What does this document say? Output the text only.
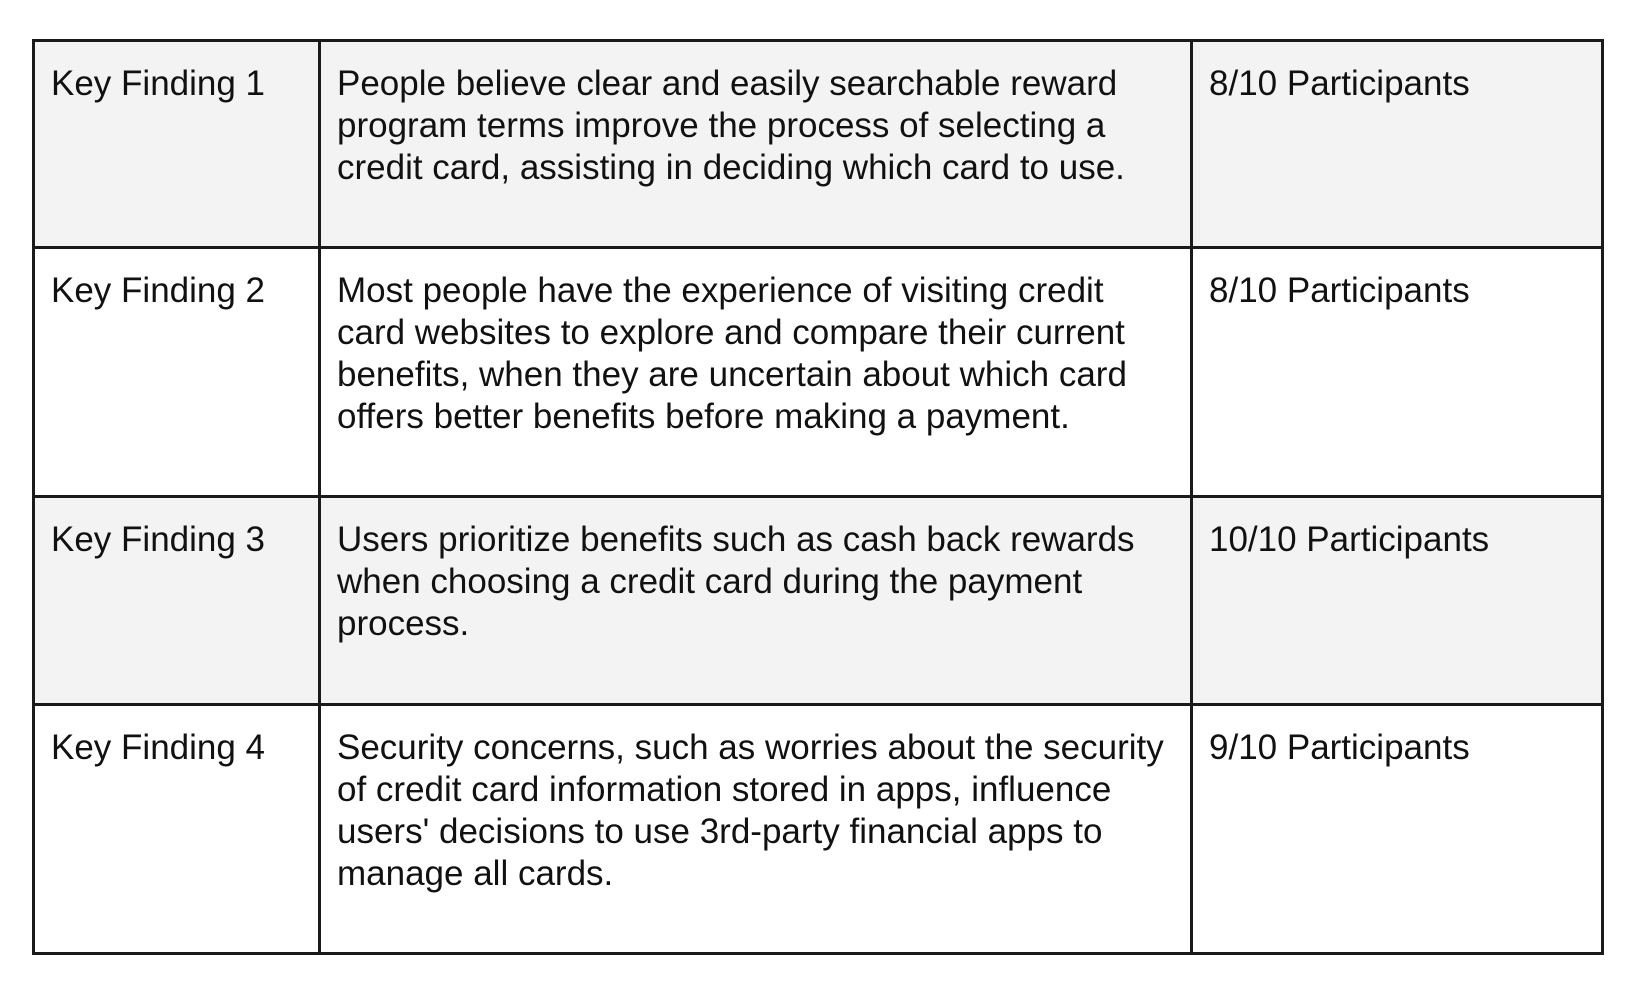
Key Finding 1	People believe clear and easily searchable reward program terms improve the process of selecting a credit card, assisting in deciding which card to use.	8/10 Participants
Key Finding 2	Most people have the experience of visiting credit card websites to explore and compare their current benefits, when they are uncertain about which card offers better benefits before making a payment.	8/10 Participants
Key Finding 3	Users prioritize benefits such as cash back rewards when choosing a credit card during the payment process.	10/10 Participants
Key Finding 4	Security concerns, such as worries about the security of credit card information stored in apps, influence users' decisions to use 3rd-party financial apps to manage all cards.	9/10 Participants
